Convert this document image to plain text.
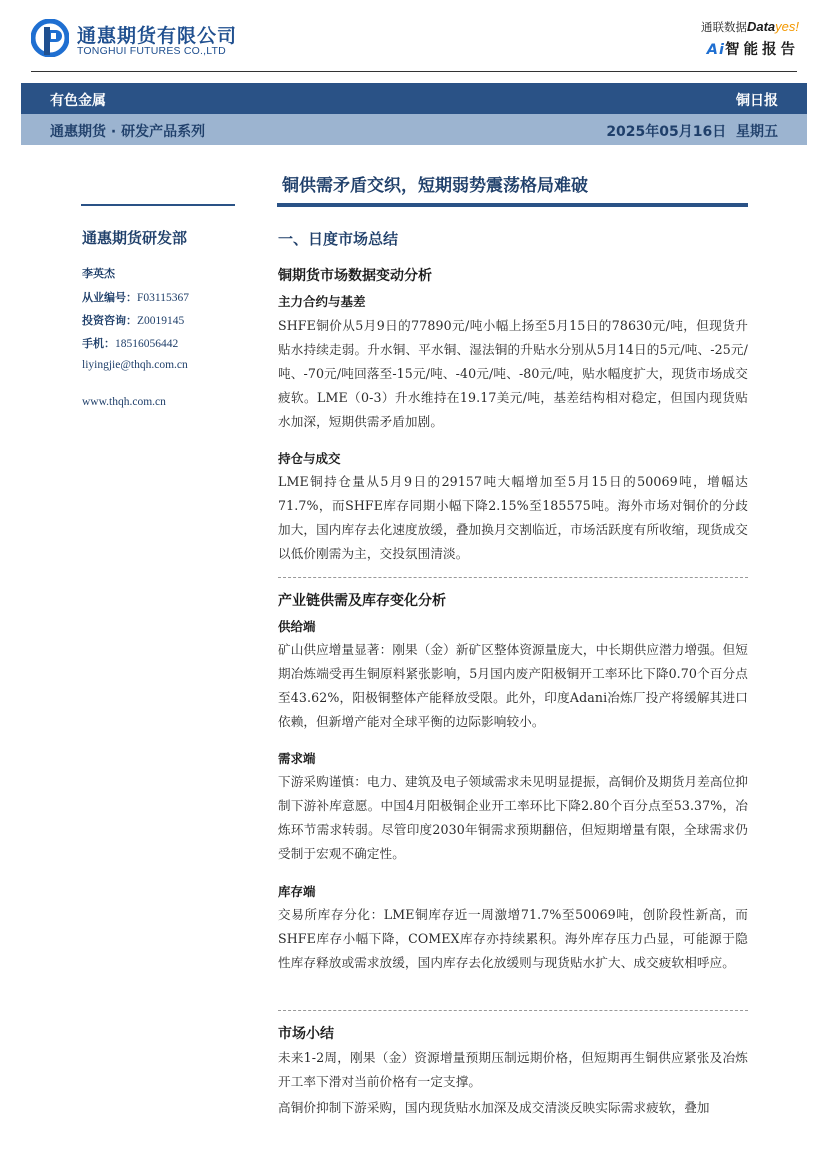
通惠期货有限公司
TONGHUI FUTURES CO.,LTD
通联数据Datayes!
Ai智能报告
有色金属	铜日报
通惠期货 · 研发产品系列	2025年05月16日  星期五
铜供需矛盾交织，短期弱势震荡格局难破
通惠期货研发部
李英杰
从业编号：F03115367
投资咨询：Z0019145
手机：18516056442
liyingjie@thqh.com.cn
www.thqh.com.cn
一、日度市场总结
铜期货市场数据变动分析
主力合约与基差

SHFE铜价从5月9日的77890元/吨小幅上扬至5月15日的78630元/吨，但现货升贴水持续走弱。升水铜、平水铜、湿法铜的升贴水分别从5月14日的5元/吨、-25元/吨、-70元/吨回落至-15元/吨、-40元/吨、-80元/吨，贴水幅度扩大，现货市场成交疲软。LME（0-3）升水维持在19.17美元/吨，基差结构相对稳定，但国内现货贴水加深，短期供需矛盾加剧。

持仓与成交

LME铜持仓量从5月9日的29157吨大幅增加至5月15日的50069吨，增幅达71.7%，而SHFE库存同期小幅下降2.15%至185575吨。海外市场对铜价的分歧加大，国内库存去化速度放缓，叠加换月交割临近，市场活跃度有所收缩，现货成交以低价刚需为主，交投氛围清淡。

产业链供需及库存变化分析
供给端

矿山供应增量显著：刚果（金）新矿区整体资源量庞大，中长期供应潜力增强。但短期冶炼端受再生铜原料紧张影响，5月国内废产阳极铜开工率环比下降0.70个百分点至43.62%，阳极铜整体产能释放受限。此外，印度Adani冶炼厂投产将缓解其进口依赖，但新增产能对全球平衡的边际影响较小。

需求端

下游采购谨慎：电力、建筑及电子领域需求未见明显提振，高铜价及期货月差高位抑制下游补库意愿。中国4月阳极铜企业开工率环比下降2.80个百分点至53.37%，冶炼环节需求转弱。尽管印度2030年铜需求预期翻倍，但短期增量有限，全球需求仍受制于宏观不确定性。

库存端

交易所库存分化：LME铜库存近一周激增71.7%至50069吨，创阶段性新高，而SHFE库存小幅下降，COMEX库存亦持续累积。海外库存压力凸显，可能源于隐性库存释放或需求放缓，国内库存去化放缓则与现货贴水扩大、成交疲软相呼应。

市场小结

未来1-2周，刚果（金）资源增量预期压制远期价格，但短期再生铜供应紧张及冶炼开工率下滑对当前价格有一定支撑。

高铜价抑制下游采购，国内现货贴水加深及成交清淡反映实际需求疲软，叠加
